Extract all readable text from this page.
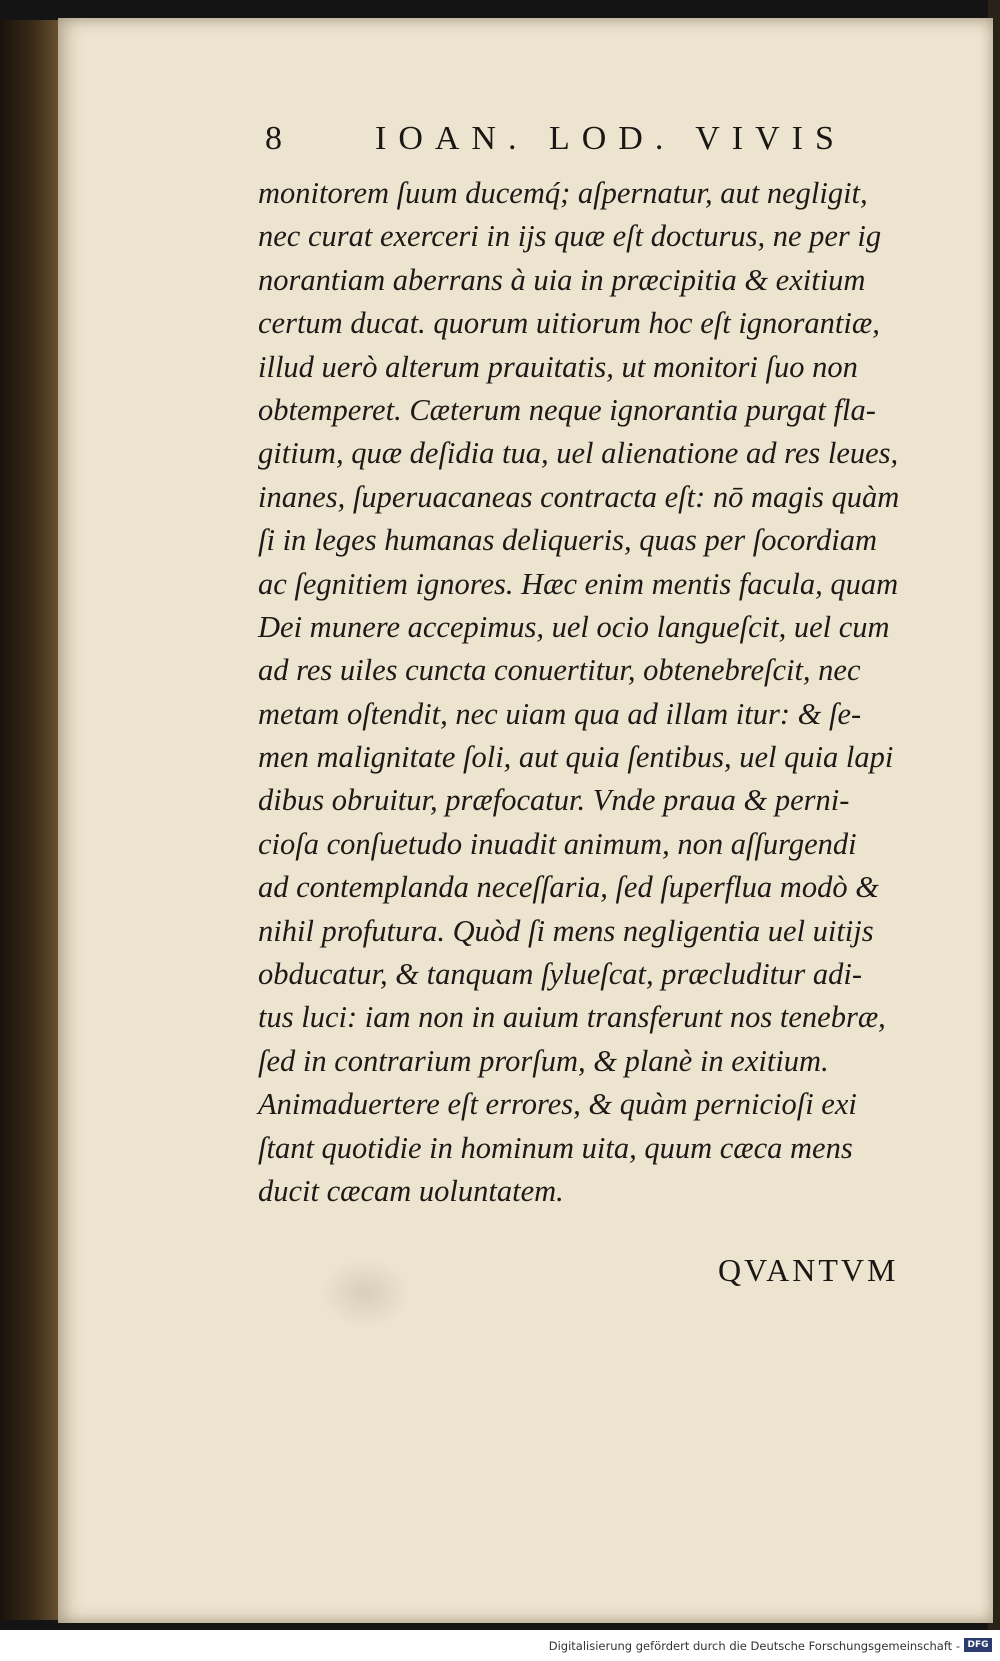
8 IOAN. LOD. VIVIS
monitorem ſuum ducemq́; aſpernatur, aut negligit,
nec curat exerceri in ijs quæ eſt docturus, ne per ig
norantiam aberrans à uia in præcipitia & exitium
certum ducat. quorum uitiorum hoc eſt ignorantiæ,
illud uerò alterum prauitatis, ut monitori ſuo non
obtemperet. Cæterum neque ignorantia purgat fla-
gitium, quæ deſidia tua, uel alienatione ad res leues,
inanes, ſuperuacaneas contracta eſt: nō magis quàm
ſi in leges humanas deliqueris, quas per ſocordiam
ac ſegnitiem ignores. Hæc enim mentis facula, quam
Dei munere accepimus, uel ocio langueſcit, uel cum
ad res uiles cuncta conuertitur, obtenebreſcit, nec
metam oſtendit, nec uiam qua ad illam itur: & ſe-
men malignitate ſoli, aut quia ſentibus, uel quia lapi
dibus obruitur, præfocatur. Vnde praua & perni-
cioſa conſuetudo inuadit animum, non aſſurgendi
ad contemplanda neceſſaria, ſed ſuperflua modò &
nihil profutura. Quòd ſi mens negligentia uel uitijs
obducatur, & tanquam ſylueſcat, præcluditur adi-
tus luci: iam non in auium transferunt nos tenebræ,
ſed in contrarium prorſum, & planè in exitium.
Animaduertere eſt errores, & quàm pernicioſi exi
ſtant quotidie in hominum uita, quum cæca mens
ducit cæcam uoluntatem.
QVANTVM
Digitalisierung gefördert durch die Deutsche Forschungsgemeinschaft - DFG
